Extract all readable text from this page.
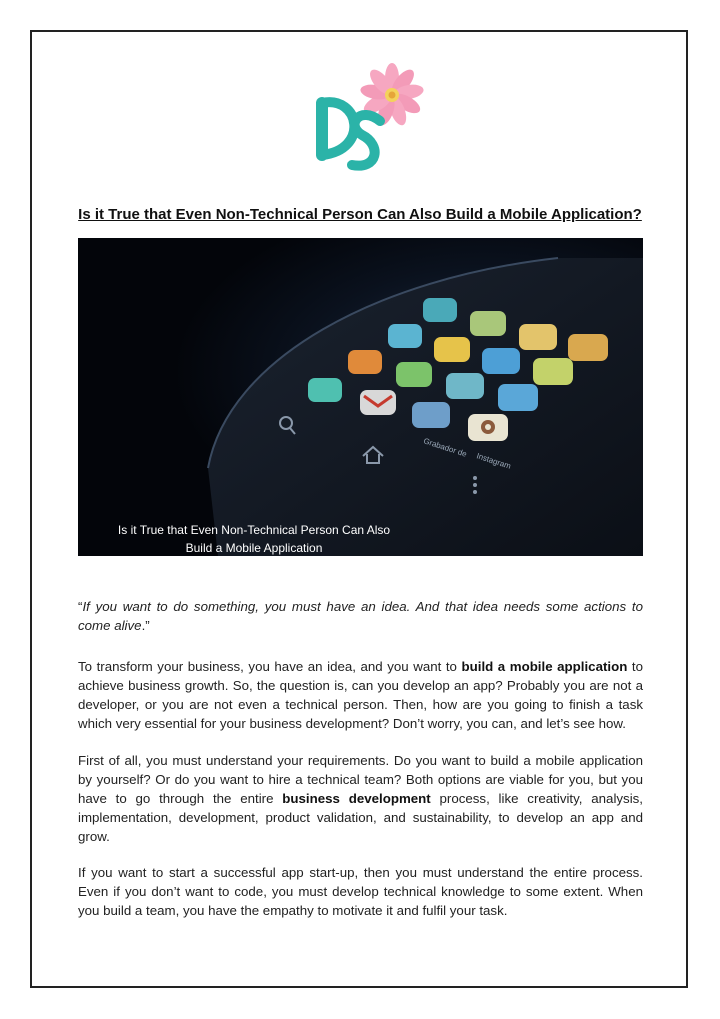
Is it True that Even Non-Technical Person Can Also Build a Mobile Application?
Grabador de
Instagram
Is it True that Even Non-Technical Person Can Also
Build a Mobile Application

“If you want to do something, you must have an idea. And that idea needs some actions to come alive.”

To transform your business, you have an idea, and you want to build a mobile application to achieve business growth. So, the question is, can you develop an app? Probably you are not a developer, or you are not even a technical person. Then, how are you going to finish a task which very essential for your business development? Don’t worry, you can, and let’s see how.

First of all, you must understand your requirements. Do you want to build a mobile application by yourself? Or do you want to hire a technical team? Both options are viable for you, but you have to go through the entire business development process, like creativity, analysis, implementation, development, product validation, and sustainability, to develop an app and grow.

If you want to start a successful app start-up, then you must understand the entire process. Even if you don’t want to code, you must develop technical knowledge to some extent. When you build a team, you have the empathy to motivate it and fulfil your task.
